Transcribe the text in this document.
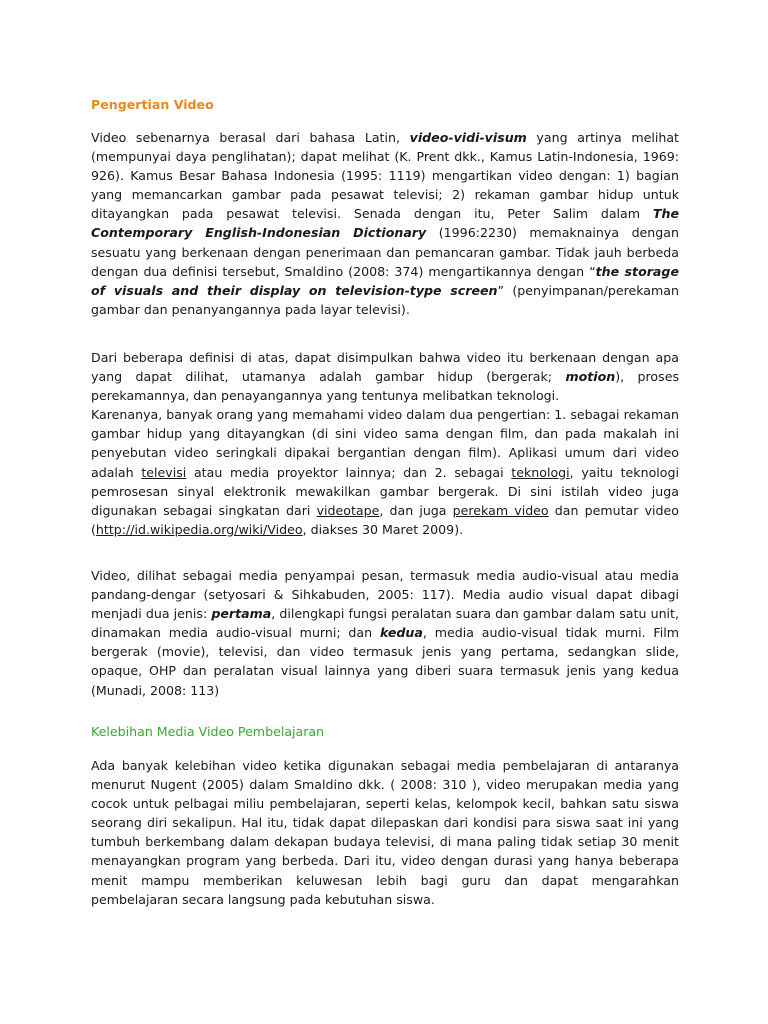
Pengertian Video

Video sebenarnya berasal dari bahasa Latin, video-vidi-visum yang artinya melihat (mempunyai daya penglihatan); dapat melihat (K. Prent dkk., Kamus Latin-Indonesia, 1969: 926). Kamus Besar Bahasa Indonesia (1995: 1119) mengartikan video dengan: 1) bagian yang memancarkan gambar pada pesawat televisi; 2) rekaman gambar hidup untuk ditayangkan pada pesawat televisi. Senada dengan itu, Peter Salim dalam The Contemporary English-Indonesian Dictionary (1996:2230) memaknainya dengan sesuatu yang berkenaan dengan penerimaan dan pemancaran gambar. Tidak jauh berbeda dengan dua definisi tersebut, Smaldino (2008: 374) mengartikannya dengan “the storage of visuals and their display on television-type screen” (penyimpanan/perekaman gambar dan penanyangannya pada layar televisi).

Dari beberapa definisi di atas, dapat disimpulkan bahwa video itu berkenaan dengan apa yang dapat dilihat, utamanya adalah gambar hidup (bergerak; motion), proses perekamannya, dan penayangannya yang tentunya melibatkan teknologi.

Karenanya, banyak orang yang memahami video dalam dua pengertian: 1. sebagai rekaman gambar hidup yang ditayangkan (di sini video sama dengan film, dan pada makalah ini penyebutan video seringkali dipakai bergantian dengan film). Aplikasi umum dari video adalah televisi atau media proyektor lainnya; dan 2. sebagai teknologi, yaitu teknologi pemrosesan sinyal elektronik mewakilkan gambar bergerak. Di sini istilah video juga digunakan sebagai singkatan dari videotape, dan juga perekam video dan pemutar video (http://id.wikipedia.org/wiki/Video, diakses 30 Maret 2009).

Video, dilihat sebagai media penyampai pesan, termasuk media audio-visual atau media pandang-dengar (setyosari & Sihkabuden, 2005: 117). Media audio visual dapat dibagi menjadi dua jenis: pertama, dilengkapi fungsi peralatan suara dan gambar dalam satu unit, dinamakan media audio-visual murni; dan kedua, media audio-visual tidak murni. Film bergerak (movie), televisi, dan video termasuk jenis yang pertama, sedangkan slide, opaque, OHP dan peralatan visual lainnya yang diberi suara termasuk jenis yang kedua (Munadi, 2008: 113)

Kelebihan Media Video Pembelajaran

Ada banyak kelebihan video ketika digunakan sebagai media pembelajaran di antaranya menurut Nugent (2005) dalam Smaldino dkk. ( 2008: 310 ), video merupakan media yang cocok untuk pelbagai miliu pembelajaran, seperti kelas, kelompok kecil, bahkan satu siswa seorang diri sekalipun. Hal itu, tidak dapat dilepaskan dari kondisi para siswa saat ini yang tumbuh berkembang dalam dekapan budaya televisi, di mana paling tidak setiap 30 menit menayangkan program yang berbeda. Dari itu, video dengan durasi yang hanya beberapa menit mampu memberikan keluwesan lebih bagi guru dan dapat mengarahkan pembelajaran secara langsung pada kebutuhan siswa.
